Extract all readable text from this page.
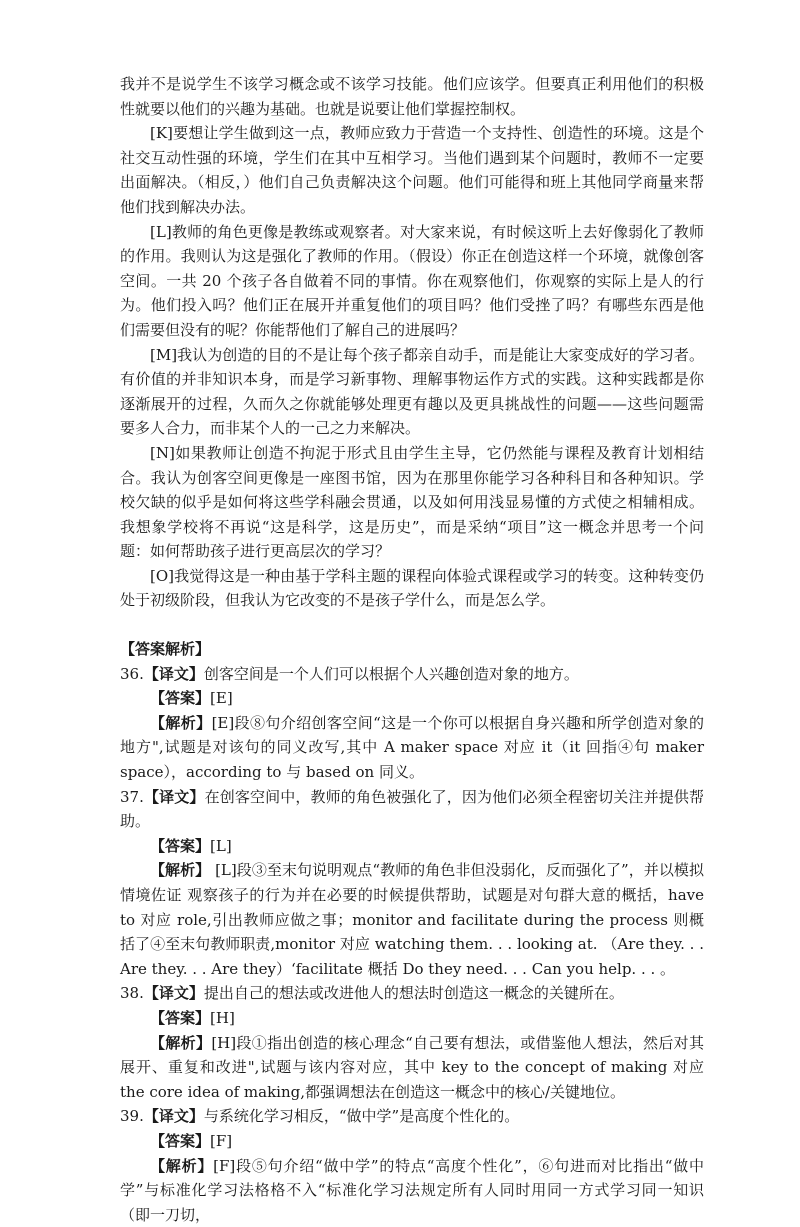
我并不是说学生不该学习概念或不该学习技能。他们应该学。但要真正利用他们的积极性就要以他们的兴趣为基础。也就是说要让他们掌握控制权。

[K]要想让学生做到这一点，教师应致力于营造一个支持性、创造性的环境。这是个社交互动性强的环境，学生们在其中互相学习。当他们遇到某个问题时，教师不一定要出面解决。（相反，）他们自己负责解决这个问题。他们可能得和班上其他同学商量来帮他们找到解决办法。

[L]教师的角色更像是教练或观察者。对大家来说，有时候这听上去好像弱化了教师的作用。我则认为这是强化了教师的作用。（假设）你正在创造这样一个环境，就像创客空间。一共 20 个孩子各自做着不同的事情。你在观察他们，你观察的实际上是人的行为。他们投入吗？他们正在展开并重复他们的项目吗？他们受挫了吗？有哪些东西是他们需要但没有的呢？你能帮他们了解自己的进展吗？

[M]我认为创造的目的不是让每个孩子都亲自动手，而是能让大家变成好的学习者。有价值的并非知识本身，而是学习新事物、理解事物运作方式的实践。这种实践都是你逐渐展开的过程，久而久之你就能够处理更有趣以及更具挑战性的问题——这些问题需要多人合力，而非某个人的一己之力来解决。

[N]如果教师让创造不拘泥于形式且由学生主导，它仍然能与课程及教育计划相结合。我认为创客空间更像是一座图书馆，因为在那里你能学习各种科目和各种知识。学校欠缺的似乎是如何将这些学科融会贯通，以及如何用浅显易懂的方式使之相辅相成。我想象学校将不再说“这是科学，这是历史”，而是采纳“项目”这一概念并思考一个问题：如何帮助孩子进行更高层次的学习？

[O]我觉得这是一种由基于学科主题的课程向体验式课程或学习的转变。这种转变仍处于初级阶段，但我认为它改变的不是孩子学什么，而是怎么学。

【答案解析】

36.【译文】创客空间是一个人们可以根据个人兴趣创造对象的地方。

【答案】[E]

【解析】[E]段⑧句介绍创客空间“这是一个你可以根据自身兴趣和所学创造对象的地方",试题是对该句的同义改写,其中 A maker space 对应 it（it 回指④句 maker space），according to 与 based on 同义。

37.【译文】在创客空间中，教师的角色被强化了，因为他们必须全程密切关注并提供帮助。

【答案】[L]

【解析】 [L]段③至末句说明观点“教师的角色非但没弱化，反而强化了”，并以模拟情境佐证 观察孩子的行为并在必要的时候提供帮助，试题是对句群大意的概括，have to 对应 role,引出教师应做之事；monitor and facilitate during the process 则概括了④至末句教师职责,monitor 对应 watching them. . . looking at. （Are they. . . Are they. . . Are they）‘facilitate 概括 Do they need. . . Can you help. . . 。

38.【译文】提出自己的想法或改进他人的想法时创造这一概念的关键所在。

【答案】[H]

【解析】[H]段①指出创造的核心理念“自己要有想法，或借鉴他人想法，然后对其展开、重复和改进",试题与该内容对应，其中 key to the concept of making 对应 the core idea of making,都强调想法在创造这一概念中的核心/关键地位。

39.【译文】与系统化学习相反，“做中学”是高度个性化的。

【答案】[F]

【解析】[F]段⑤句介绍“做中学”的特点“高度个性化”，⑥句进而对比指出“做中学”与标准化学习法格格不入“标准化学习法规定所有人同时用同一方式学习同一知识（即一刀切，
